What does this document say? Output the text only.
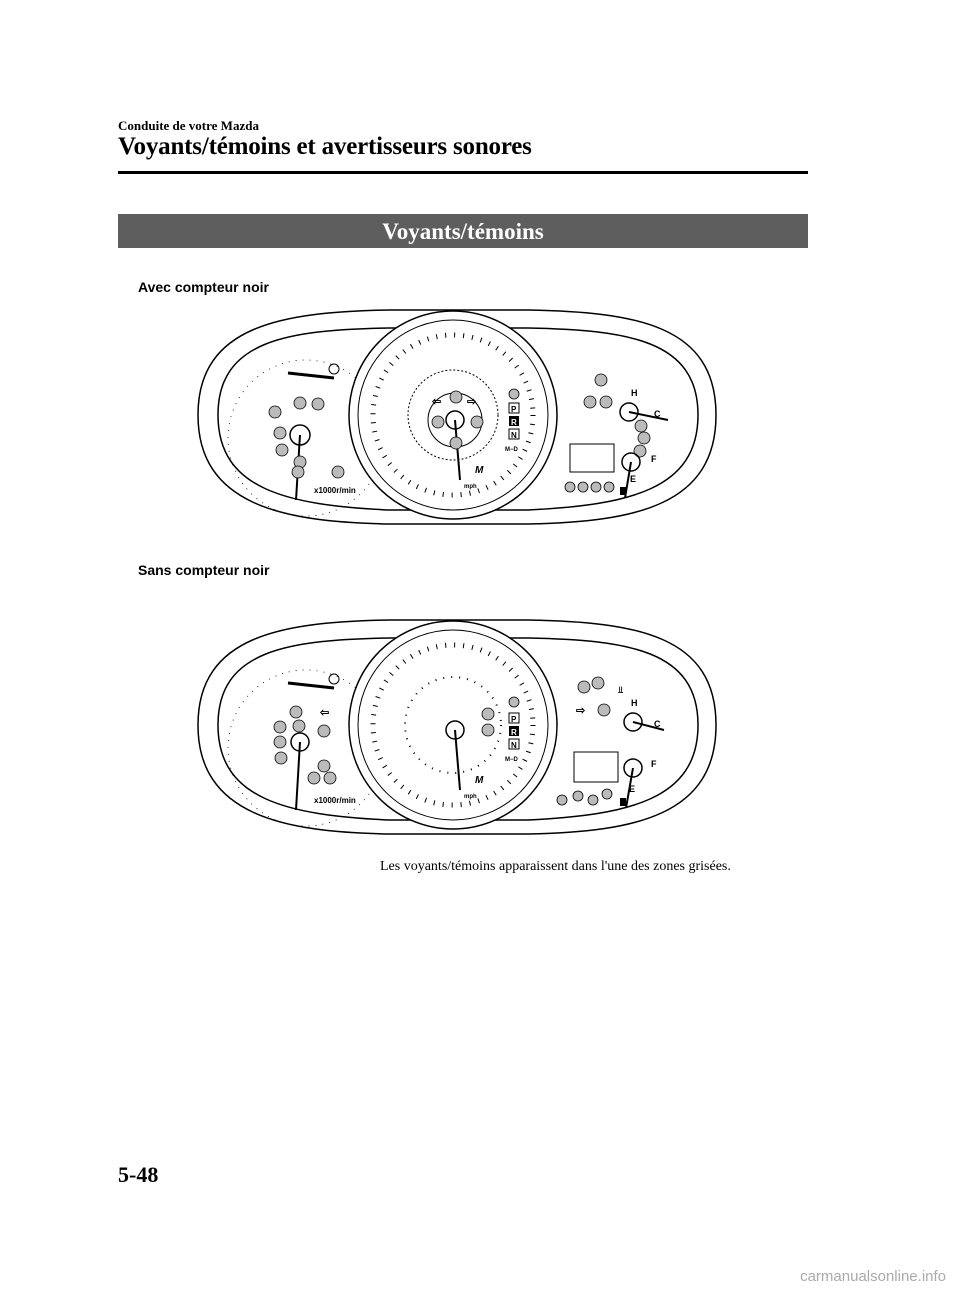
Conduite de votre Mazda
Voyants/témoins et avertisseurs sonores
Voyants/témoins
Avec compteur noir
Sans compteur noir
x1000r/min
⇦ ⇨
P
R
N
M−D
M
mph
H
C
F
E
⇦
x1000r/min
P
R
N
M−D
M
mph
⇨
⫫
H
C
F
E
Les voyants/témoins apparaissent dans l'une des zones grisées.
5-48
carmanualsonline.info
